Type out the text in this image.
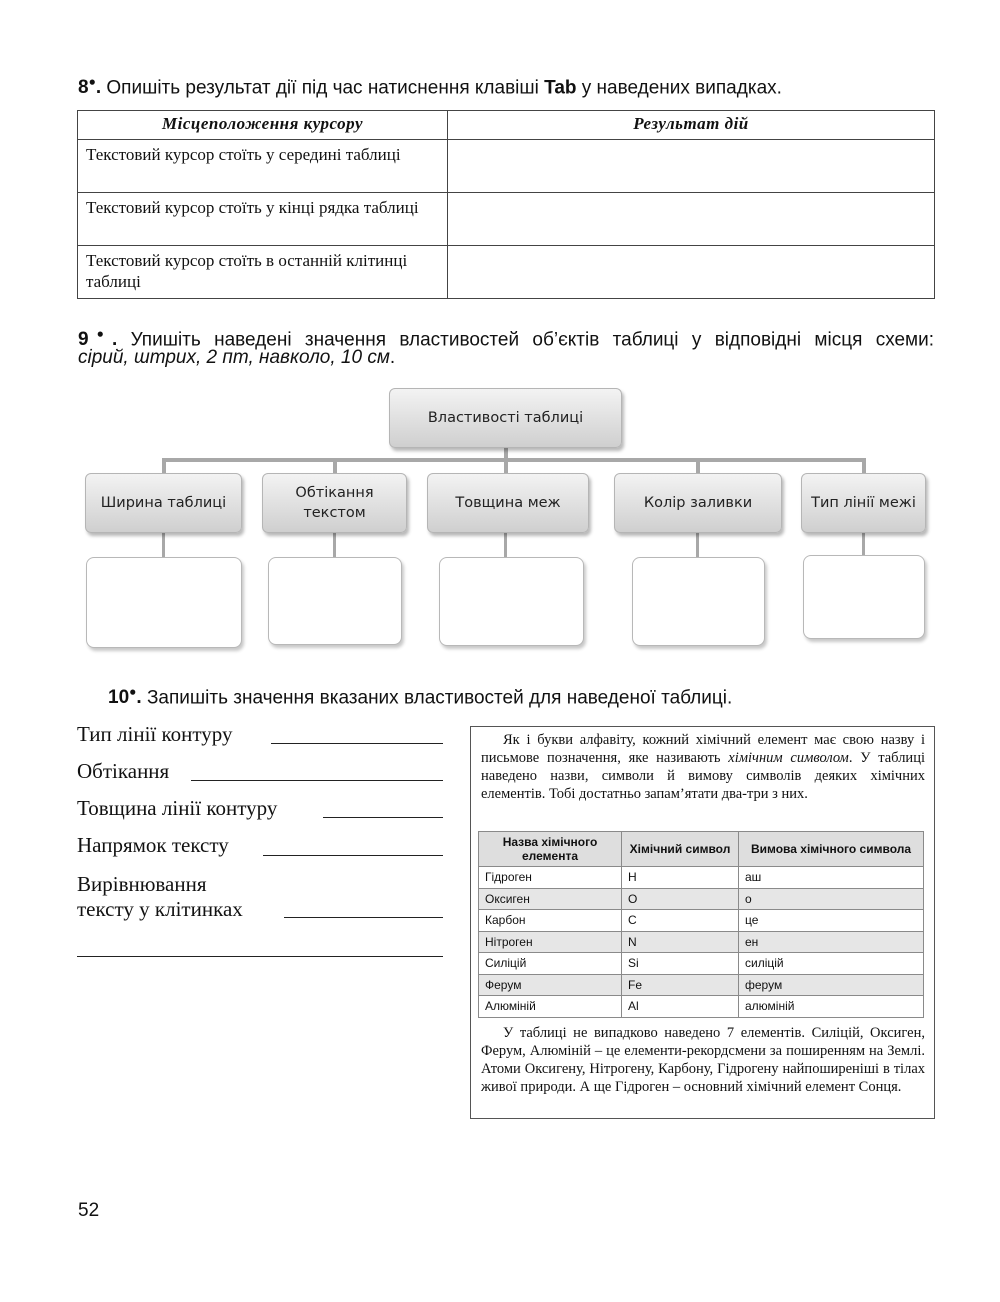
8●. Опишіть результат дії під час натиснення клавіші Tab у наведених випадках.
Місцеположення курсору	Результат дій
Текстовий курсор стоїть у середині таблиці	
Текстовий курсор стоїть у кінці рядка таблиці	
Текстовий курсор стоїть в останній клітинці таблиці	
9●. Упишіть наведені значення властивостей об’єктів таблиці у відповідні місця схеми:
сірий, штрих, 2 пт, навколо, 10 см.
Властивості таблиці
Ширина таблиці
Обтікання текстом
Товщина меж	Колір заливки	Тип лінії межі
10●. Запишіть значення вказаних властивостей для наведеної таблиці.
Тип лінії контуру
Обтікання
Товщина лінії контуру
Напрямок тексту
Вирівнювання
тексту у клітинках
Як і букви алфавіту, кожний хімічний елемент має свою назву і письмове позначення, яке називають хімічним символом. У таблиці наведено назви, символи й вимову символів деяких хімічних елементів. Тобі достатньо запам’ятати два-три з них.
У таблиці не випадково наведено 7 елементів. Силіцій, Оксиген, Ферум, Алюміній – це елементи-рекордсмени за поширенням на Землі. Атоми Оксигену, Нітрогену, Карбону, Гідрогену найпоширеніші в тілах живої природи. А ще Гідроген – основний хімічний елемент Сонця.
Назва хімічного елемента	Хімічний символ	Вимова хімічного символа
Гідроген	H	аш
Оксиген	O	о
Карбон	C	це
Нітроген	N	ен
Силіцій	Si	силіцій
Ферум	Fe	ферум
Алюміній	Al	алюміній
52
